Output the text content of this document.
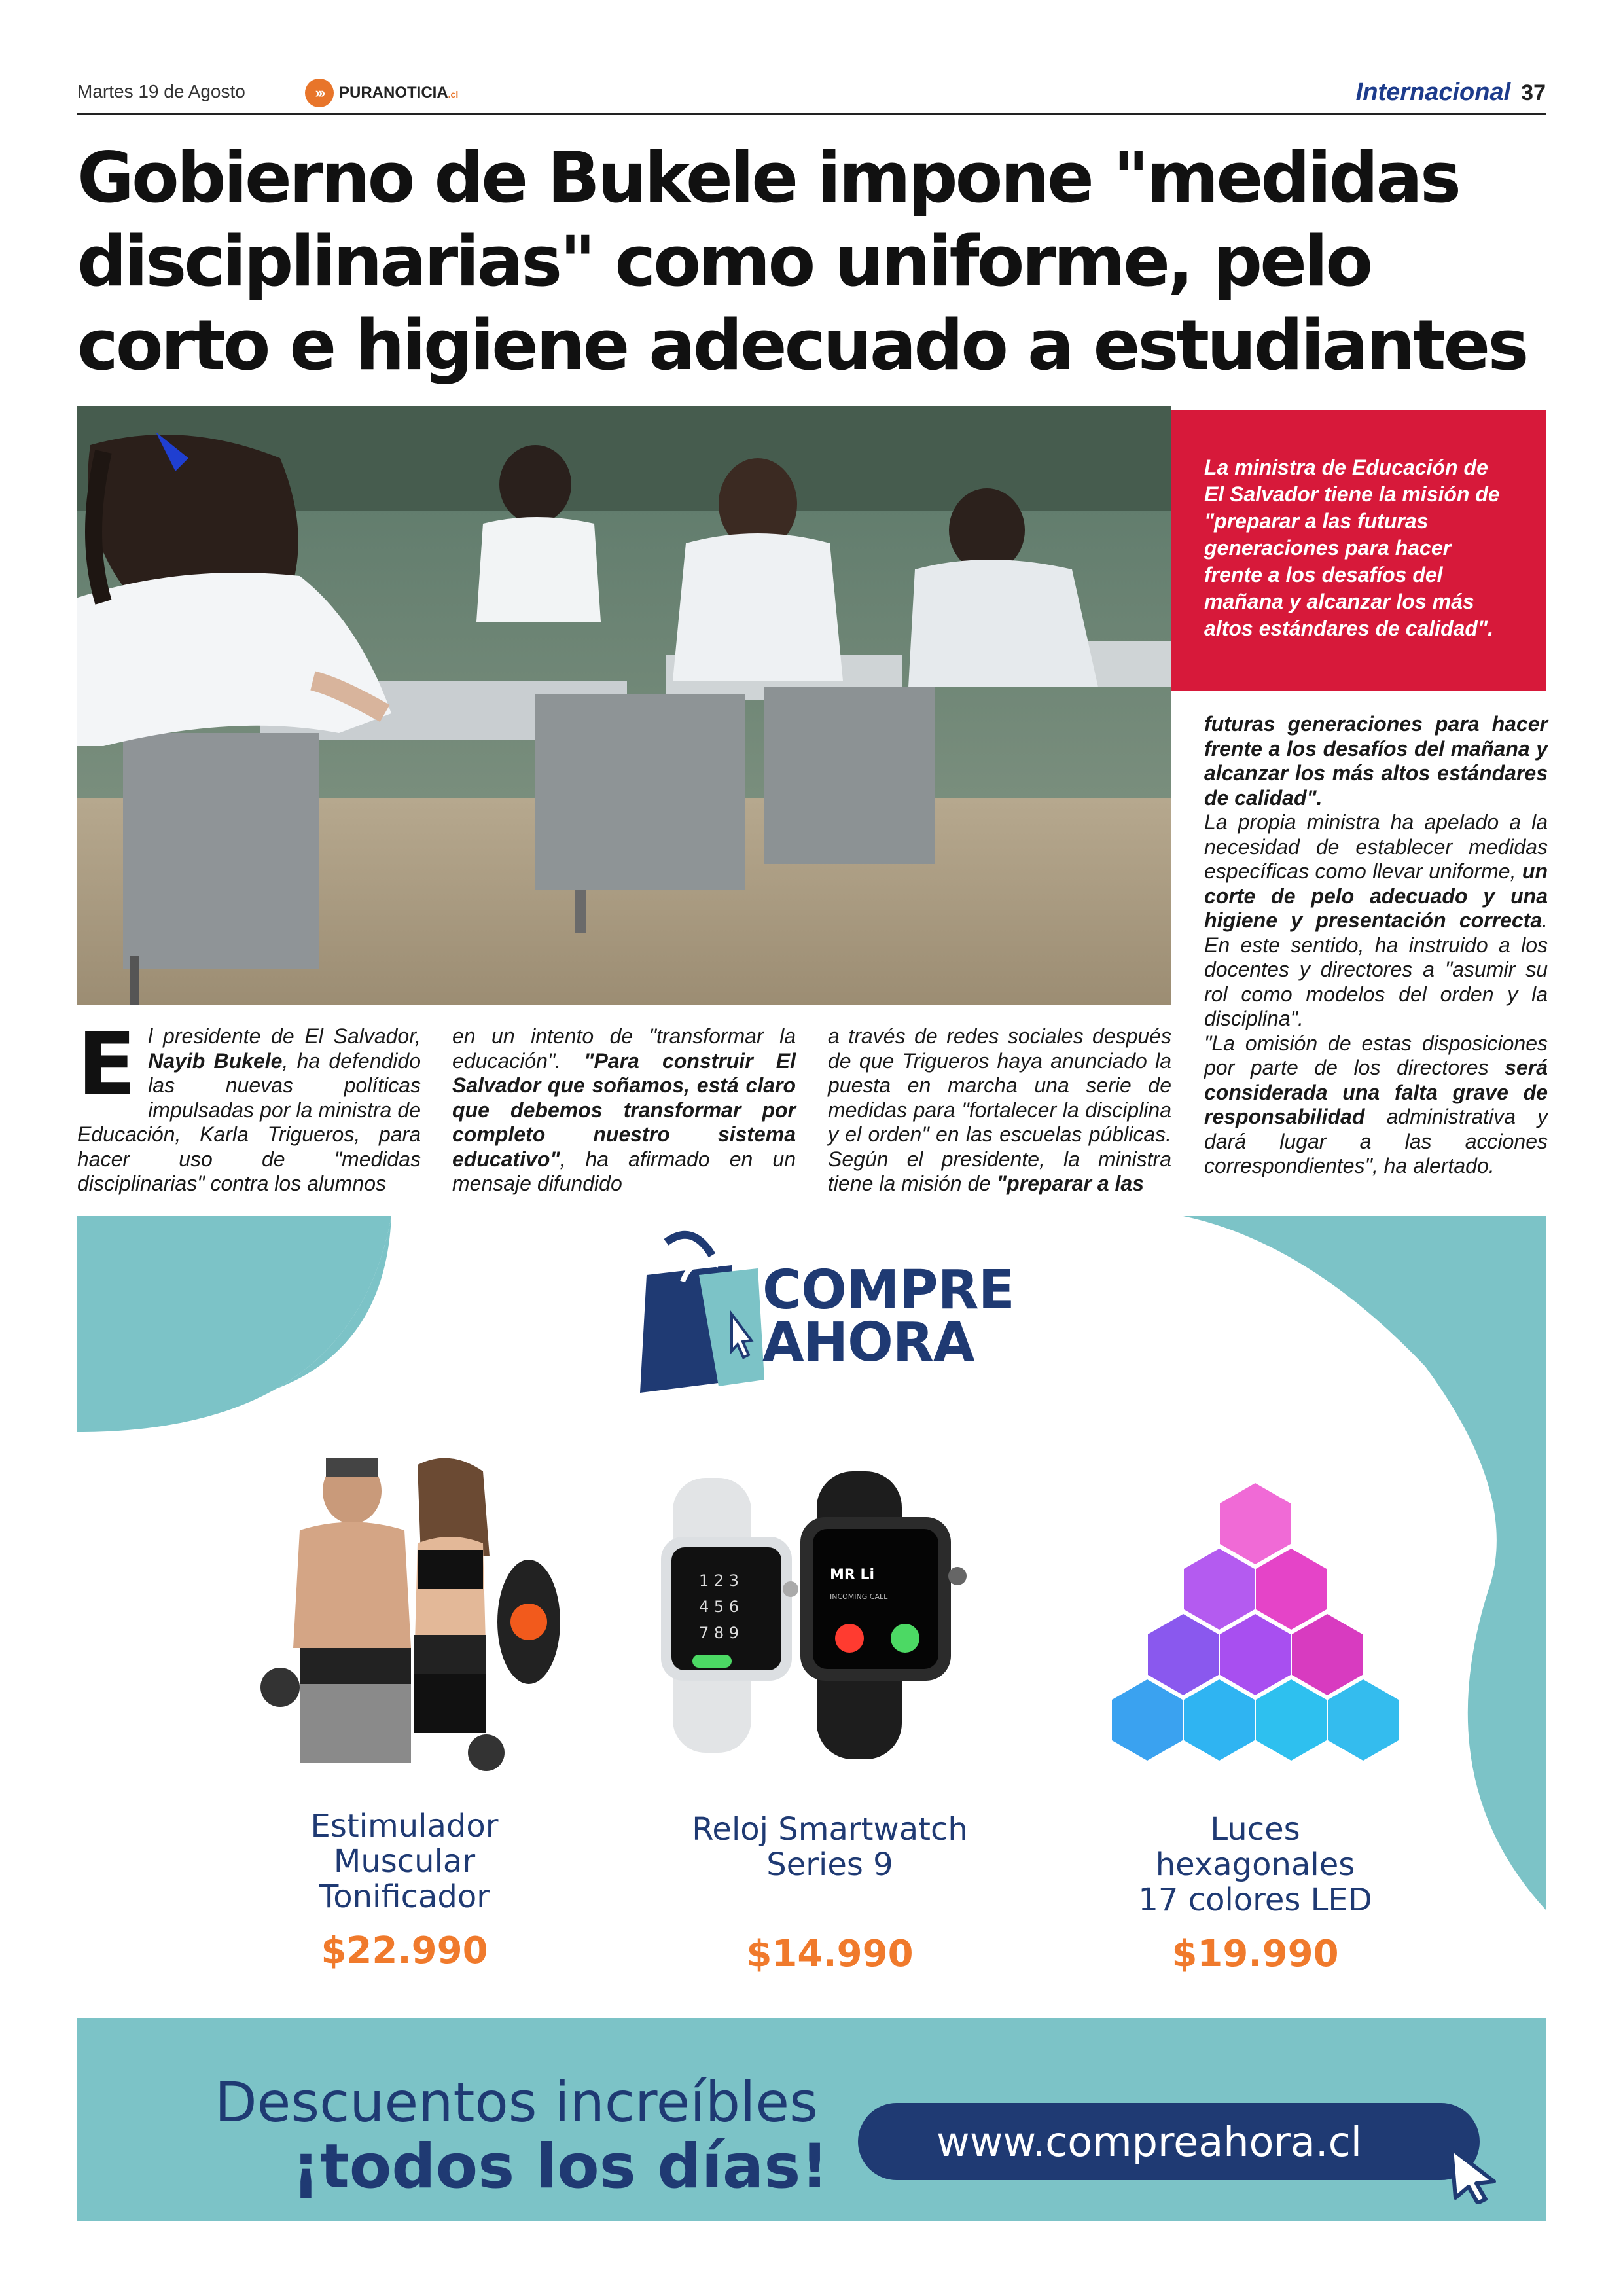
Martes 19 de Agosto	››› PURANOTICIA.cl	Internacional 37
Gobierno de Bukele impone "medidas
disciplinarias" como uniforme, pelo
corto e higiene adecuado a estudiantes

La ministra de Educación de El Salvador tiene la misión de "preparar a las futuras generaciones para hacer frente a los desafíos del mañana y alcanzar los más altos estándares de calidad".

El presidente de El Salvador, Nayib Bukele, ha defendido las nuevas políticas impulsadas por la ministra de Educación, Karla Trigueros, para hacer uso de "medidas disciplinarias" contra los alumnos
en un intento de "transformar la educación". "Para construir El Salvador que soñamos, está claro que debemos transformar por completo nuestro sistema educativo", ha afirmado en un mensaje difundido
a través de redes sociales después de que Trigueros haya anunciado la puesta en marcha una serie de medidas para "fortalecer la disciplina y el orden" en las escuelas públicas. Según el presidente, la ministra tiene la misión de "preparar a las
futuras generaciones para hacer frente a los desafíos del mañana y alcanzar los más altos estándares de calidad".
La propia ministra ha apelado a la necesidad de establecer medidas específicas como llevar uniforme, un corte de pelo adecuado y una higiene y presentación correcta. En este sentido, ha instruido a los docentes y directores a "asumir su rol como modelos del orden y la disciplina".
"La omisión de estas disposiciones por parte de los directores será considerada una falta grave de responsabilidad administrativa y dará lugar a las acciones correspondientes", ha alertado.
COMPRE
AHORA
Estimulador
Muscular
Tonificador
$22.990
1 2 3
4 5 6
7 8 9
MR Li
INCOMING CALL
Reloj Smartwatch
Series 9
$14.990
Luces
hexagonales
17 colores LED
$19.990
Descuentos increíbles
¡todos los días!	www.compreahora.cl
